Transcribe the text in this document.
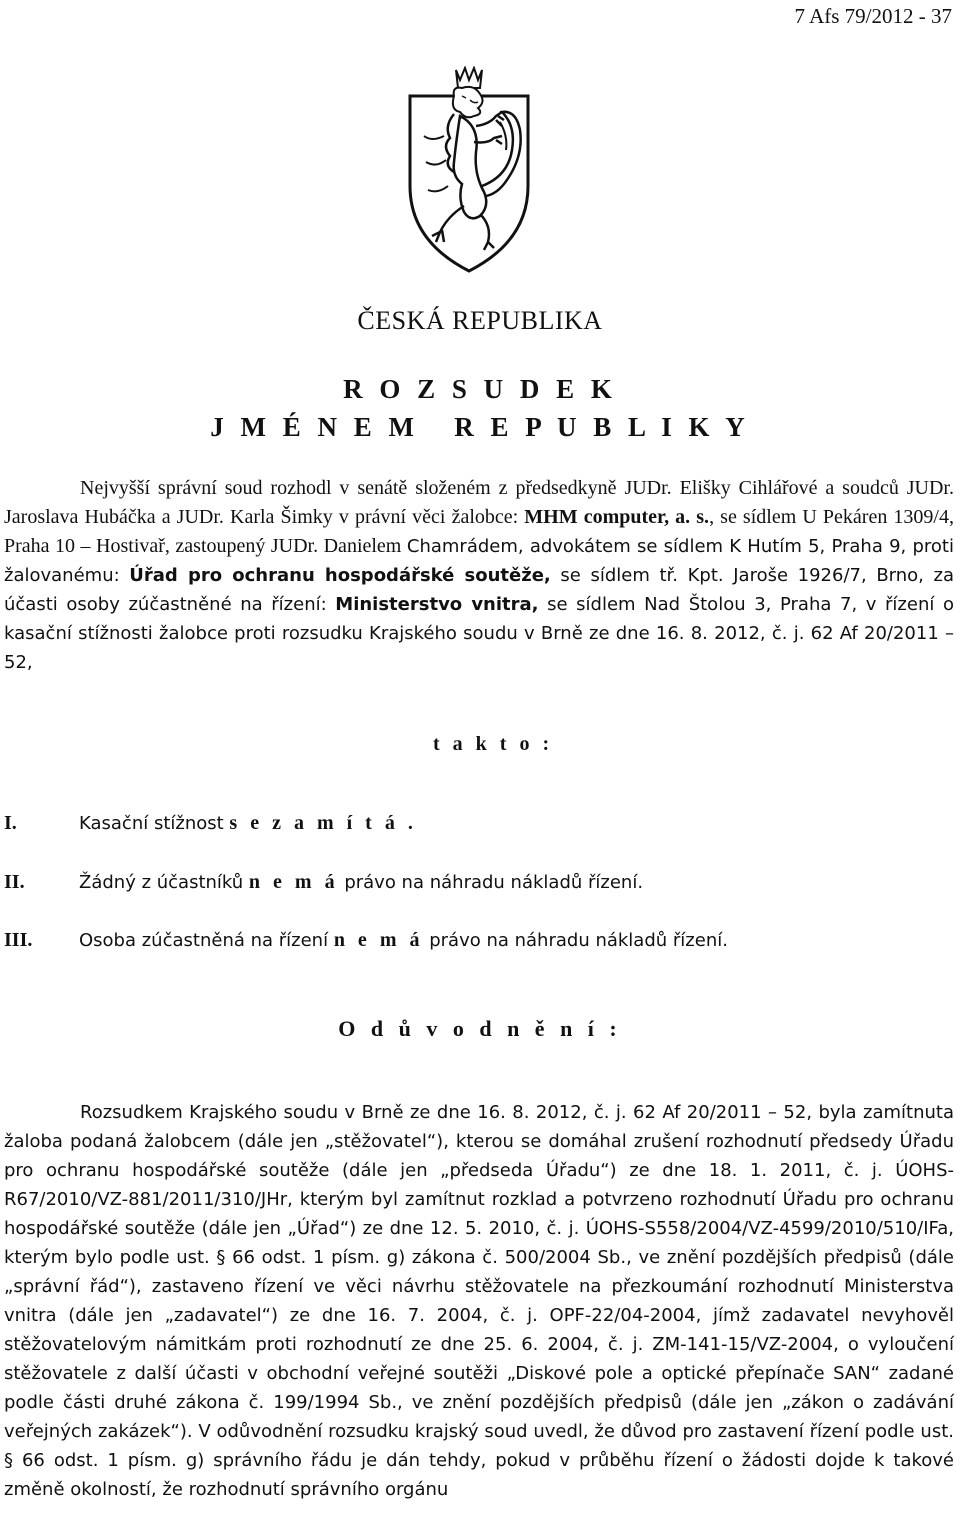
7 Afs 79/2012 - 37
ČESKÁ REPUBLIKA
R O Z S U D E K
J M É N E M   R E P U B L I K Y
Nejvyšší správní soud rozhodl v senátě složeném z předsedkyně JUDr. Elišky Cihlářové a soudců JUDr. Jaroslava Hubáčka a JUDr. Karla Šimky v právní věci žalobce: MHM computer, a. s., se sídlem U Pekáren 1309/4, Praha 10 – Hostivař, zastoupený JUDr. Danielem Chamrádem, advokátem se sídlem K Hutím 5, Praha 9, proti žalovanému: Úřad pro ochranu hospodářské soutěže, se sídlem tř. Kpt. Jaroše 1926/7, Brno, za účasti osoby zúčastněné na řízení: Ministerstvo vnitra, se sídlem Nad Štolou 3, Praha 7, v řízení o kasační stížnosti žalobce proti rozsudku Krajského soudu v Brně ze dne 16. 8. 2012, č. j. 62 Af 20/2011 – 52,
t a k t o :
I.	Kasační stížnost s e z a m í t á .
II.	Žádný z účastníků n e m á právo na náhradu nákladů řízení.
III.	Osoba zúčastněná na řízení n e m á právo na náhradu nákladů řízení.
O d ů v o d n ě n í :

Rozsudkem Krajského soudu v Brně ze dne 16. 8. 2012, č. j. 62 Af 20/2011 – 52, byla zamítnuta žaloba podaná žalobcem (dále jen „stěžovatel“), kterou se domáhal zrušení rozhodnutí předsedy Úřadu pro ochranu hospodářské soutěže (dále jen „předseda Úřadu“) ze dne 18. 1. 2011, č. j. ÚOHS-R67/2010/VZ-881/2011/310/JHr, kterým byl zamítnut rozklad a potvrzeno rozhodnutí Úřadu pro ochranu hospodářské soutěže (dále jen „Úřad“) ze dne 12. 5. 2010, č. j. ÚOHS-S558/2004/VZ-4599/2010/510/IFa, kterým bylo podle ust. § 66 odst. 1 písm. g) zákona č. 500/2004 Sb., ve znění pozdějších předpisů (dále „správní řád“), zastaveno řízení ve věci návrhu stěžovatele na přezkoumání rozhodnutí Ministerstva vnitra (dále jen „zadavatel“) ze dne 16. 7. 2004, č. j. OPF-22/04-2004, jímž zadavatel nevyhověl stěžovatelovým námitkám proti rozhodnutí ze dne 25. 6. 2004, č. j. ZM-141-15/VZ-2004, o vyloučení stěžovatele z další účasti v obchodní veřejné soutěži „Diskové pole a optické přepínače SAN“ zadané podle části druhé zákona č. 199/1994 Sb., ve znění pozdějších předpisů (dále jen „zákon o zadávání veřejných zakázek“). V odůvodnění rozsudku krajský soud uvedl, že důvod pro zastavení řízení podle ust. § 66 odst. 1 písm. g) správního řádu je dán tehdy, pokud v průběhu řízení o žádosti dojde k takové změně okolností, že rozhodnutí správního orgánu
